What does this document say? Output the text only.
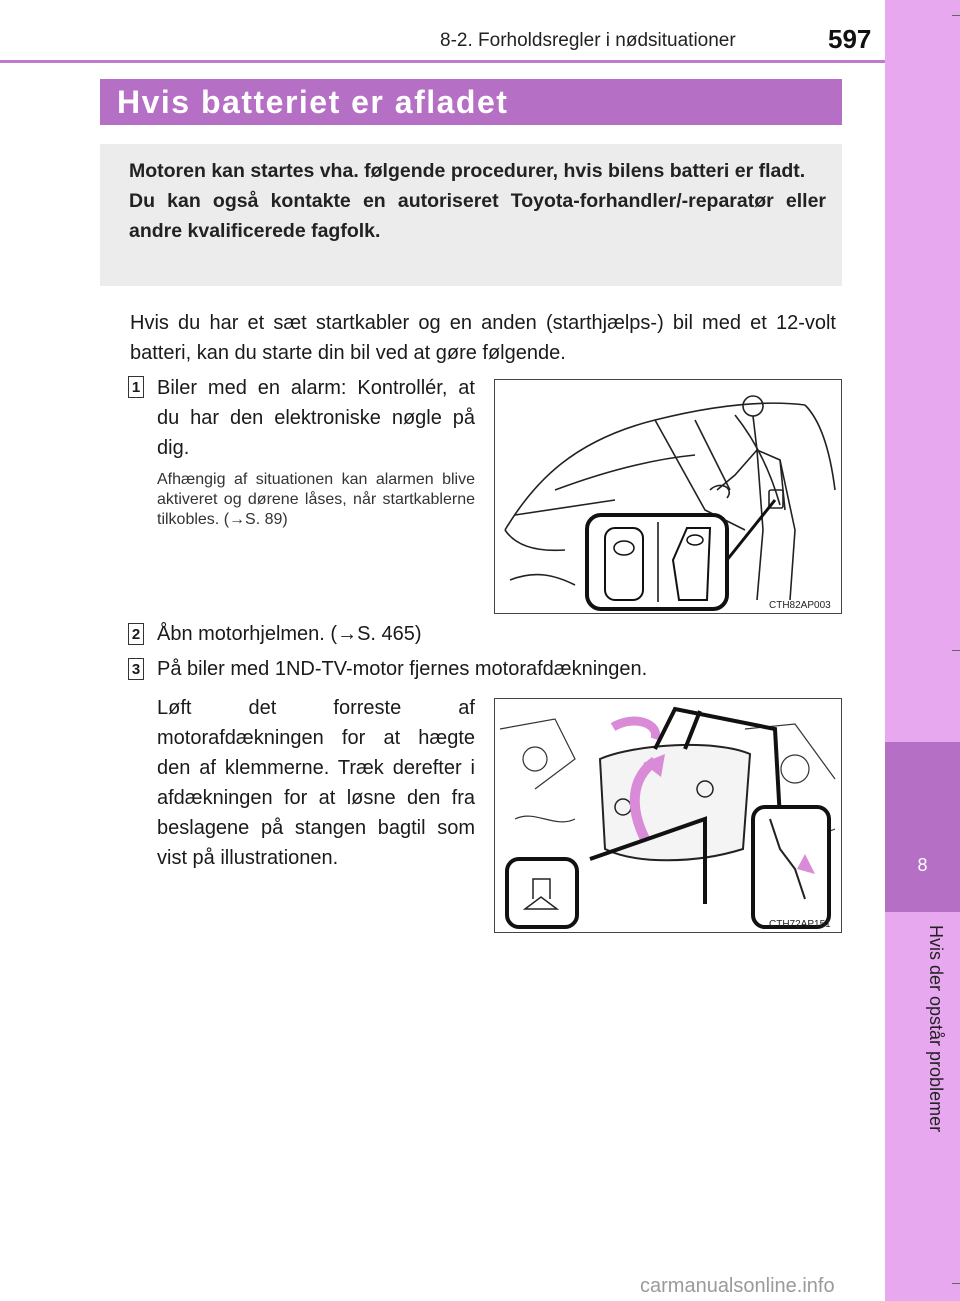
8
Hvis der opstår problemer
8-2. Forholdsregler i nødsituationer	597
Hvis batteriet er afladet

Motoren kan startes vha. følgende procedurer, hvis bilens batteri er fladt.

Du kan også kontakte en autoriseret Toyota-forhandler/-reparatør eller andre kvalificerede fagfolk.

Hvis du har et sæt startkabler og en anden (starthjælps-) bil med et 12-volt batteri, kan du starte din bil ved at gøre følgende.
1 Biler med en alarm: Kontrollér, at du har den elektroniske nøgle på dig.
Afhængig af situationen kan alarmen blive aktiveret og dørene låses, når startkablerne tilkobles. (→S. 89)
CTH82AP003
2 Åbn motorhjelmen. (→S. 465)
3 På biler med 1ND-TV-motor fjernes motorafdækningen.
Løft det forreste af motorafdækningen for at hægte den af klemmerne. Træk derefter i afdækningen for at løsne den fra beslagene på stangen bagtil som vist på illustrationen.
CTH72AP151
carmanualsonline.info
